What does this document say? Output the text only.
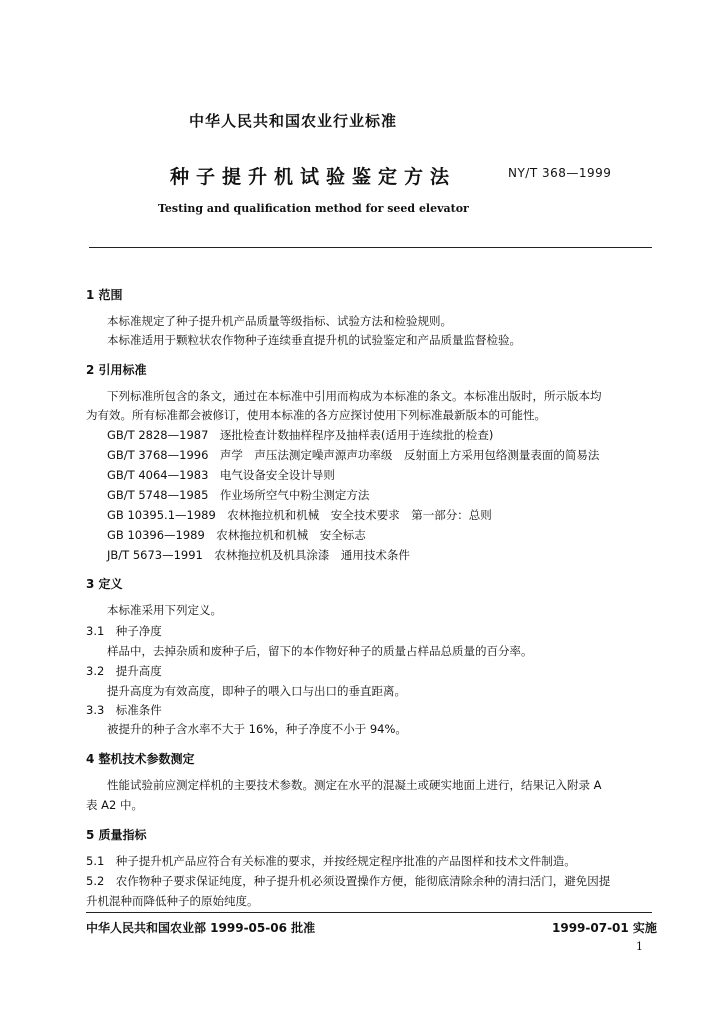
中华人民共和国农业行业标准
种子提升机试验鉴定方法	NY/T 368—1999
Testing and qualification method for seed elevator
1 范围
本标准规定了种子提升机产品质量等级指标、试验方法和检验规则。
本标准适用于颗粒状农作物种子连续垂直提升机的试验鉴定和产品质量监督检验。
2 引用标准
下列标准所包含的条文，通过在本标准中引用而构成为本标准的条文。本标准出版时，所示版本均
为有效。所有标准都会被修订，使用本标准的各方应探讨使用下列标准最新版本的可能性。
GB/T 2828—1987　逐批检查计数抽样程序及抽样表(适用于连续批的检查)
GB/T 3768—1996　声学　声压法测定噪声源声功率级　反射面上方采用包络测量表面的简易法
GB/T 4064—1983　电气设备安全设计导则
GB/T 5748—1985　作业场所空气中粉尘测定方法
GB 10395.1—1989　农林拖拉机和机械　安全技术要求　第一部分：总则
GB 10396—1989　农林拖拉机和机械　安全标志
JB/T 5673—1991　农林拖拉机及机具涂漆　通用技术条件
3 定义
本标准采用下列定义。
3.1　种子净度
样品中，去掉杂质和废种子后，留下的本作物好种子的质量占样品总质量的百分率。
3.2　提升高度
提升高度为有效高度，即种子的喂入口与出口的垂直距离。
3.3　标准条件
被提升的种子含水率不大于 16%，种子净度不小于 94%。
4 整机技术参数测定
性能试验前应测定样机的主要技术参数。测定在水平的混凝土或硬实地面上进行，结果记入附录 A
表 A2 中。
5 质量指标
5.1　种子提升机产品应符合有关标准的要求，并按经规定程序批准的产品图样和技术文件制造。
5.2　农作物种子要求保证纯度，种子提升机必须设置操作方便，能彻底清除余种的清扫活门，避免因提
升机混种而降低种子的原始纯度。
中华人民共和国农业部 1999-05-06 批准	1999-07-01 实施
1
